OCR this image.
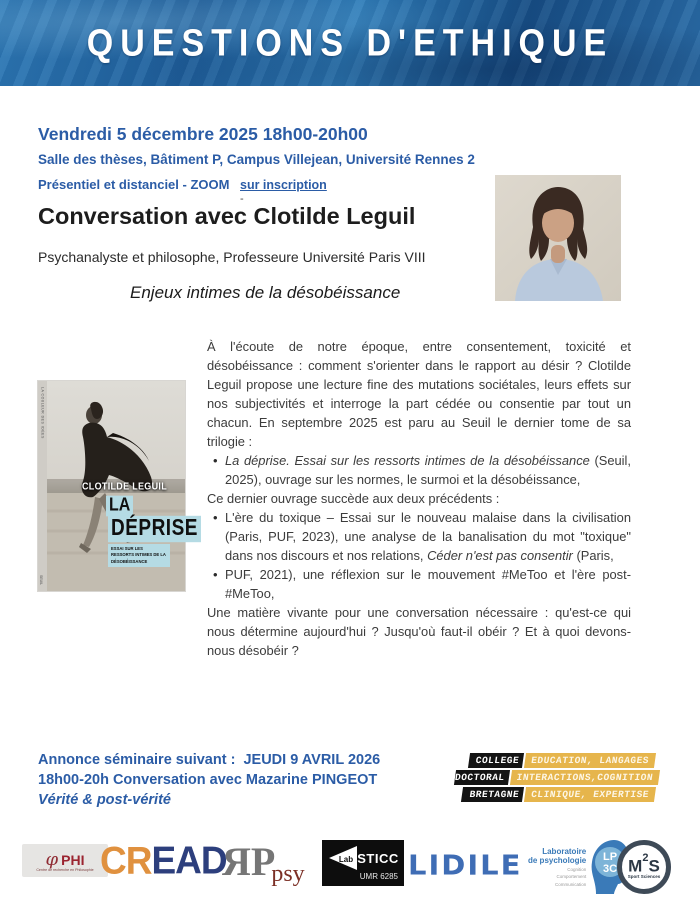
QUESTIONS D'ETHIQUE
Vendredi 5 décembre 2025 18h00-20h00
Salle des thèses, Bâtiment P, Campus Villejean, Université Rennes 2
Présentiel et distanciel - ZOOM sur inscription
-
Conversation avec Clotilde Leguil
Psychanalyste et philosophe, Professeure Université Paris VIII
Enjeux intimes de la désobéissance
LA COULEUR DES IDÉES
SEUIL
CLOTILDE LEGUIL
LA
DÉPRISE
ESSAI SUR LES RESSORTS INTIMES DE LA DÉSOBÉISSANCE

À l'écoute de notre époque, entre consentement, toxicité et désobéissance : comment s'orienter dans le rapport au désir ? Clotilde Leguil propose une lecture fine des mutations sociétales, leurs effets sur nos subjectivités et interroge la part cédée ou consentie par tout un chacun. En septembre 2025 est paru au Seuil le dernier tome de sa trilogie :

• La déprise. Essai sur les ressorts intimes de la désobéissance (Seuil, 2025), ouvrage sur les normes, le surmoi et la désobéissance,
Ce dernier ouvrage succède aux deux précédents :
• L'ère du toxique – Essai sur le nouveau malaise dans la civilisation (Paris, PUF, 2023), une analyse de la banalisation du mot "toxique" dans nos discours et nos relations, Céder n'est pas consentir (Paris,
• PUF, 2021), une réflexion sur le mouvement #MeToo et l'ère post-#MeToo,

Une matière vivante pour une conversation nécessaire : qu'est-ce qui nous détermine aujourd'hui ? Jusqu'où faut-il obéir ? Et à quoi devons-nous désobéir ?

Annonce séminaire suivant :  JEUDI 9 AVRIL 2026
18h00-20h Conversation avec Mazarine PINGEOT
Vérité & post-vérité
COLLEGE	EDUCATION, LANGAGES
DOCTORAL	INTERACTIONS,COGNITION
BRETAGNE	CLINIQUE, EXPERTISE
φ PHI
Centre de recherche en Philosophie CREAD
ЯPpsy
Lab STICC
UMR 6285 LIDILE	Laboratoire
de psychologie
Cognition
Comportement
Communication
LP
3C $M^2S$
Sport Sciences
